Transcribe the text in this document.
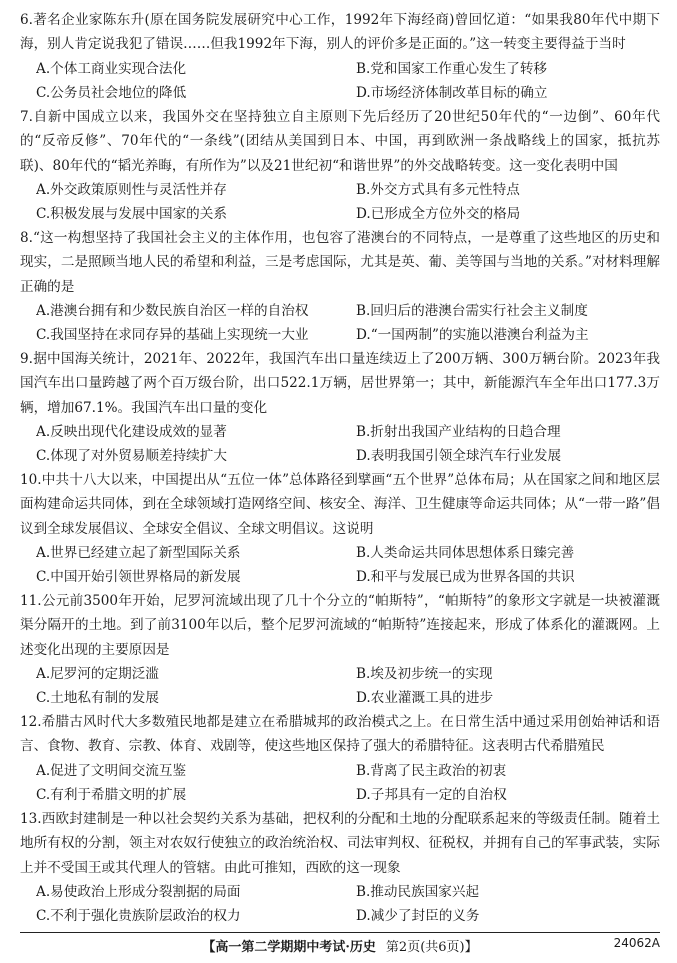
6.著名企业家陈东升(原在国务院发展研究中心工作，1992年下海经商)曾回忆道：“如果我80年代中期下海，别人肯定说我犯了错误……但我1992年下海，别人的评价多是正面的。”这一转变主要得益于当时

A.个体工商业实现合法化	B.党和国家工作重心发生了转移
C.公务员社会地位的降低	D.市场经济体制改革目标的确立

7.自新中国成立以来，我国外交在坚持独立自主原则下先后经历了20世纪50年代的“一边倒”、60年代的“反帝反修”、70年代的“一条线”(团结从美国到日本、中国，再到欧洲一条战略线上的国家，抵抗苏联)、80年代的“韬光养晦，有所作为”以及21世纪初“和谐世界”的外交战略转变。这一变化表明中国

A.外交政策原则性与灵活性并存	B.外交方式具有多元性特点
C.积极发展与发展中国家的关系	D.已形成全方位外交的格局

8.“这一构想坚持了我国社会主义的主体作用，也包容了港澳台的不同特点，一是尊重了这些地区的历史和现实，二是照顾当地人民的希望和利益，三是考虑国际，尤其是英、葡、美等国与当地的关系。”对材料理解正确的是

A.港澳台拥有和少数民族自治区一样的自治权	B.回归后的港澳台需实行社会主义制度
C.我国坚持在求同存异的基础上实现统一大业	D.“一国两制”的实施以港澳台利益为主

9.据中国海关统计，2021年、2022年，我国汽车出口量连续迈上了200万辆、300万辆台阶。2023年我国汽车出口量跨越了两个百万级台阶，出口522.1万辆，居世界第一；其中，新能源汽车全年出口177.3万辆，增加67.1%。我国汽车出口量的变化

A.反映出现代化建设成效的显著	B.折射出我国产业结构的日趋合理
C.体现了对外贸易顺差持续扩大	D.表明我国引领全球汽车行业发展

10.中共十八大以来，中国提出从“五位一体”总体路径到擘画“五个世界”总体布局；从在国家之间和地区层面构建命运共同体，到在全球领域打造网络空间、核安全、海洋、卫生健康等命运共同体；从“一带一路”倡议到全球发展倡议、全球安全倡议、全球文明倡议。这说明

A.世界已经建立起了新型国际关系	B.人类命运共同体思想体系日臻完善
C.中国开始引领世界格局的新发展	D.和平与发展已成为世界各国的共识

11.公元前3500年开始，尼罗河流域出现了几十个分立的“帕斯特”，“帕斯特”的象形文字就是一块被灌溉渠分隔开的土地。到了前3100年以后，整个尼罗河流域的“帕斯特”连接起来，形成了体系化的灌溉网。上述变化出现的主要原因是

A.尼罗河的定期泛滥	B.埃及初步统一的实现
C.土地私有制的发展	D.农业灌溉工具的进步

12.希腊古风时代大多数殖民地都是建立在希腊城邦的政治模式之上。在日常生活中通过采用创始神话和语言、食物、教育、宗教、体育、戏剧等，使这些地区保持了强大的希腊特征。这表明古代希腊殖民

A.促进了文明间交流互鉴	B.背离了民主政治的初衷
C.有利于希腊文明的扩展	D.子邦具有一定的自治权

13.西欧封建制是一种以社会契约关系为基础，把权利的分配和土地的分配联系起来的等级责任制。随着土地所有权的分割，领主对农奴行使独立的政治统治权、司法审判权、征税权，并拥有自己的军事武装，实际上并不受国王或其代理人的管辖。由此可推知，西欧的这一现象

A.易使政治上形成分裂割据的局面	B.推动民族国家兴起
C.不利于强化贵族阶层政治的权力	D.减少了封臣的义务
【高一第二学期期中考试·历史 第2页(共6页)】	24062A
